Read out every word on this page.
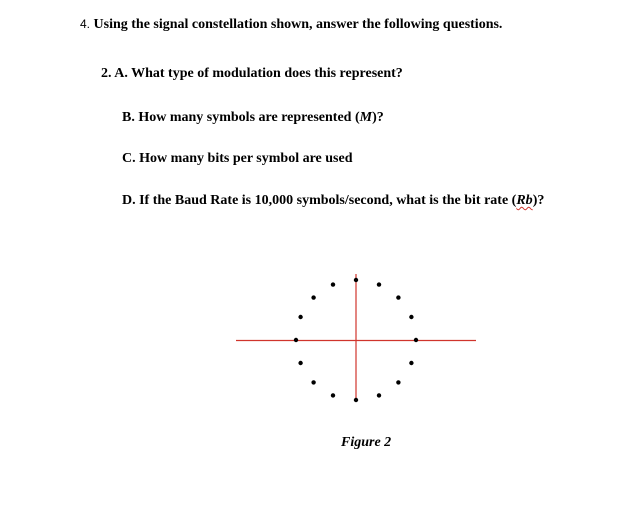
4. Using the signal constellation shown, answer the following questions.
2. A. What type of modulation does this represent?
B. How many symbols are represented (M)?
C. How many bits per symbol are used
D. If the Baud Rate is 10,000 symbols/second, what is the bit rate (Rb)?
Figure 2
